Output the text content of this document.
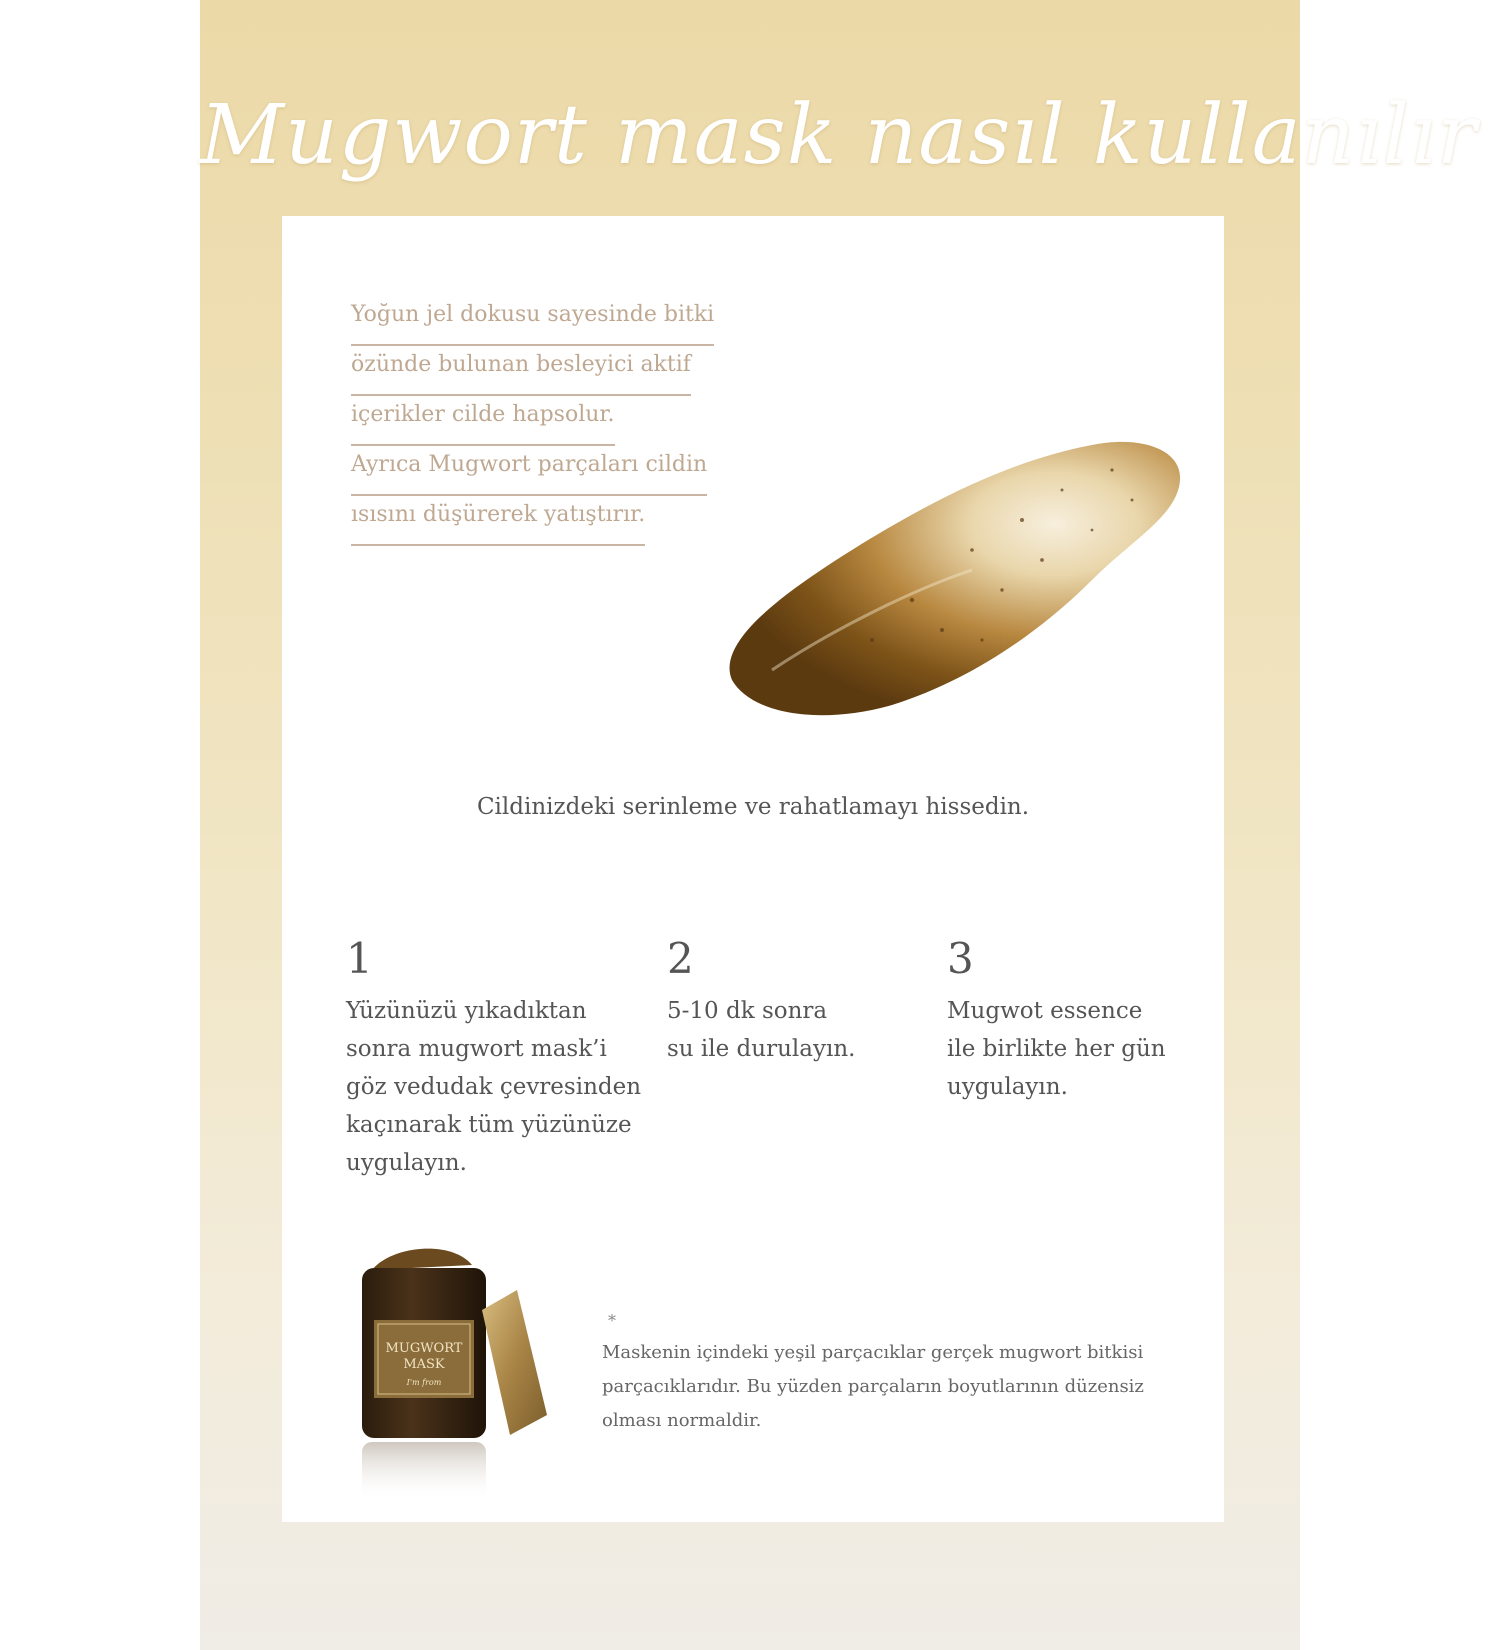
Mugwort mask nasıl kullanılır
Yoğun jel dokusu sayesinde bitki
özünde bulunan besleyici aktif
içerikler cilde hapsolur.
Ayrıca Mugwort parçaları cildin
ısısını düşürerek yatıştırır.
Cildinizdeki serinleme ve rahatlamayı hissedin.
1
Yüzünüzü yıkadıktan
sonra mugwort mask’i
göz vedudak çevresinden
kaçınarak tüm yüzünüze
uygulayın.
2
5-10 dk sonra
su ile durulayın.
3
Mugwot essence
ile birlikte her gün
uygulayın.
MUGWORT
MASK
I'm from
*
Maskenin içindeki yeşil parçacıklar gerçek mugwort bitkisi
parçacıklarıdır. Bu yüzden parçaların boyutlarının düzensiz
olması normaldir.
